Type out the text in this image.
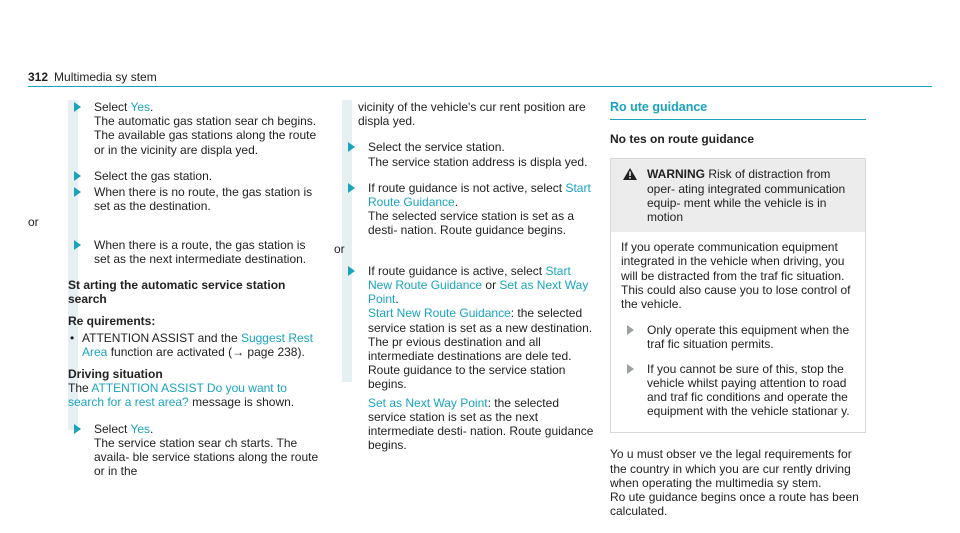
312 Multimedia sy stem
Select Yes.
The automatic gas station sear ch begins. The available gas stations along the route or in the vicinity are displa yed.
Select the gas station.
When there is no route, the gas station is set as the destination.
or
When there is a route, the gas station is set as the next intermediate destination.
St arting the automatic service station search
Re quirements:
• ATTENTION ASSIST and the Suggest Rest Area function are activated (→ page 238).
Driving situation
The ATTENTION ASSIST Do you want to search for a rest area? message is shown.
Select Yes.
The service station sear ch starts. The availa- ble service stations along the route or in the
vicinity of the vehicle's cur rent position are displa yed.
Select the service station.
The service station address is displa yed.
If route guidance is not active, select Start Route Guidance.
The selected service station is set as a desti- nation. Route guidance begins.
or
If route guidance is active, select Start New Route Guidance or Set as Next Way Point.
Start New Route Guidance: the selected service station is set as a new destination. The pr evious destination and all intermediate destinations are dele ted. Route guidance to the service station begins.
Set as Next Way Point: the selected service station is set as the next intermediate desti- nation. Route guidance begins.
Ro ute guidance
No tes on route guidance
WARNING Risk of distraction from oper- ating integrated communication equip- ment while the vehicle is in motion
If you operate communication equipment integrated in the vehicle when driving, you will be distracted from the traf fic situation. This could also cause you to lose control of the vehicle.
Only operate this equipment when the traf fic situation permits.
If you cannot be sure of this, stop the vehicle whilst paying attention to road and traf fic conditions and operate the equipment with the vehicle stationar y.
Yo u must obser ve the legal requirements for the country in which you are cur rently driving when operating the multimedia sy stem.
Ro ute guidance begins once a route has been calculated.
